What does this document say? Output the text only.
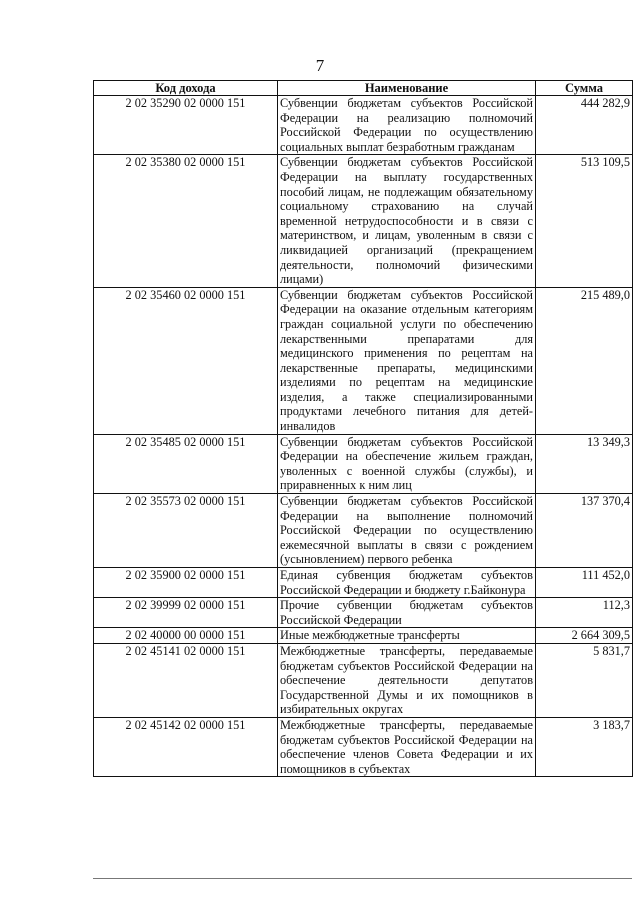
7
Код дохода	Наименование	Сумма
2 02 35290 02 0000 151	Субвенции бюджетам субъектов Российской Федерации на реализацию полномочий Российской Федерации по осуществлению социальных выплат безработным гражданам	444 282,9
2 02 35380 02 0000 151	Субвенции бюджетам субъектов Российской Федерации на выплату государственных пособий лицам, не подлежащим обязательному социальному страхованию на случай временной нетрудоспособности и в связи с материнством, и лицам, уволенным в связи с ликвидацией организаций (прекращением деятельности, полномочий физическими лицами)	513 109,5
2 02 35460 02 0000 151	Субвенции бюджетам субъектов Российской Федерации на оказание отдельным категориям граждан социальной услуги по обеспечению лекарственными препаратами для медицинского применения по рецептам на лекарственные препараты, медицинскими изделиями по рецептам на медицинские изделия, а также специализированными продуктами лечебного питания для детей-инвалидов	215 489,0
2 02 35485 02 0000 151	Субвенции бюджетам субъектов Российской Федерации на обеспечение жильем граждан, уволенных с военной службы (службы), и приравненных к ним лиц	13 349,3
2 02 35573 02 0000 151	Субвенции бюджетам субъектов Российской Федерации на выполнение полномочий Российской Федерации по осуществлению ежемесячной выплаты в связи с рождением (усыновлением) первого ребенка	137 370,4
2 02 35900 02 0000 151	Единая субвенция бюджетам субъектов Российской Федерации и бюджету г.Байконура	111 452,0
2 02 39999 02 0000 151	Прочие субвенции бюджетам субъектов Российской Федерации	112,3
2 02 40000 00 0000 151	Иные межбюджетные трансферты	2 664 309,5
2 02 45141 02 0000 151	Межбюджетные трансферты, передаваемые бюджетам субъектов Российской Федерации на обеспечение деятельности депутатов Государственной Думы и их помощников в избирательных округах	5 831,7
2 02 45142 02 0000 151	Межбюджетные трансферты, передаваемые бюджетам субъектов Российской Федерации на обеспечение членов Совета Федерации и их помощников в субъектах	3 183,7
